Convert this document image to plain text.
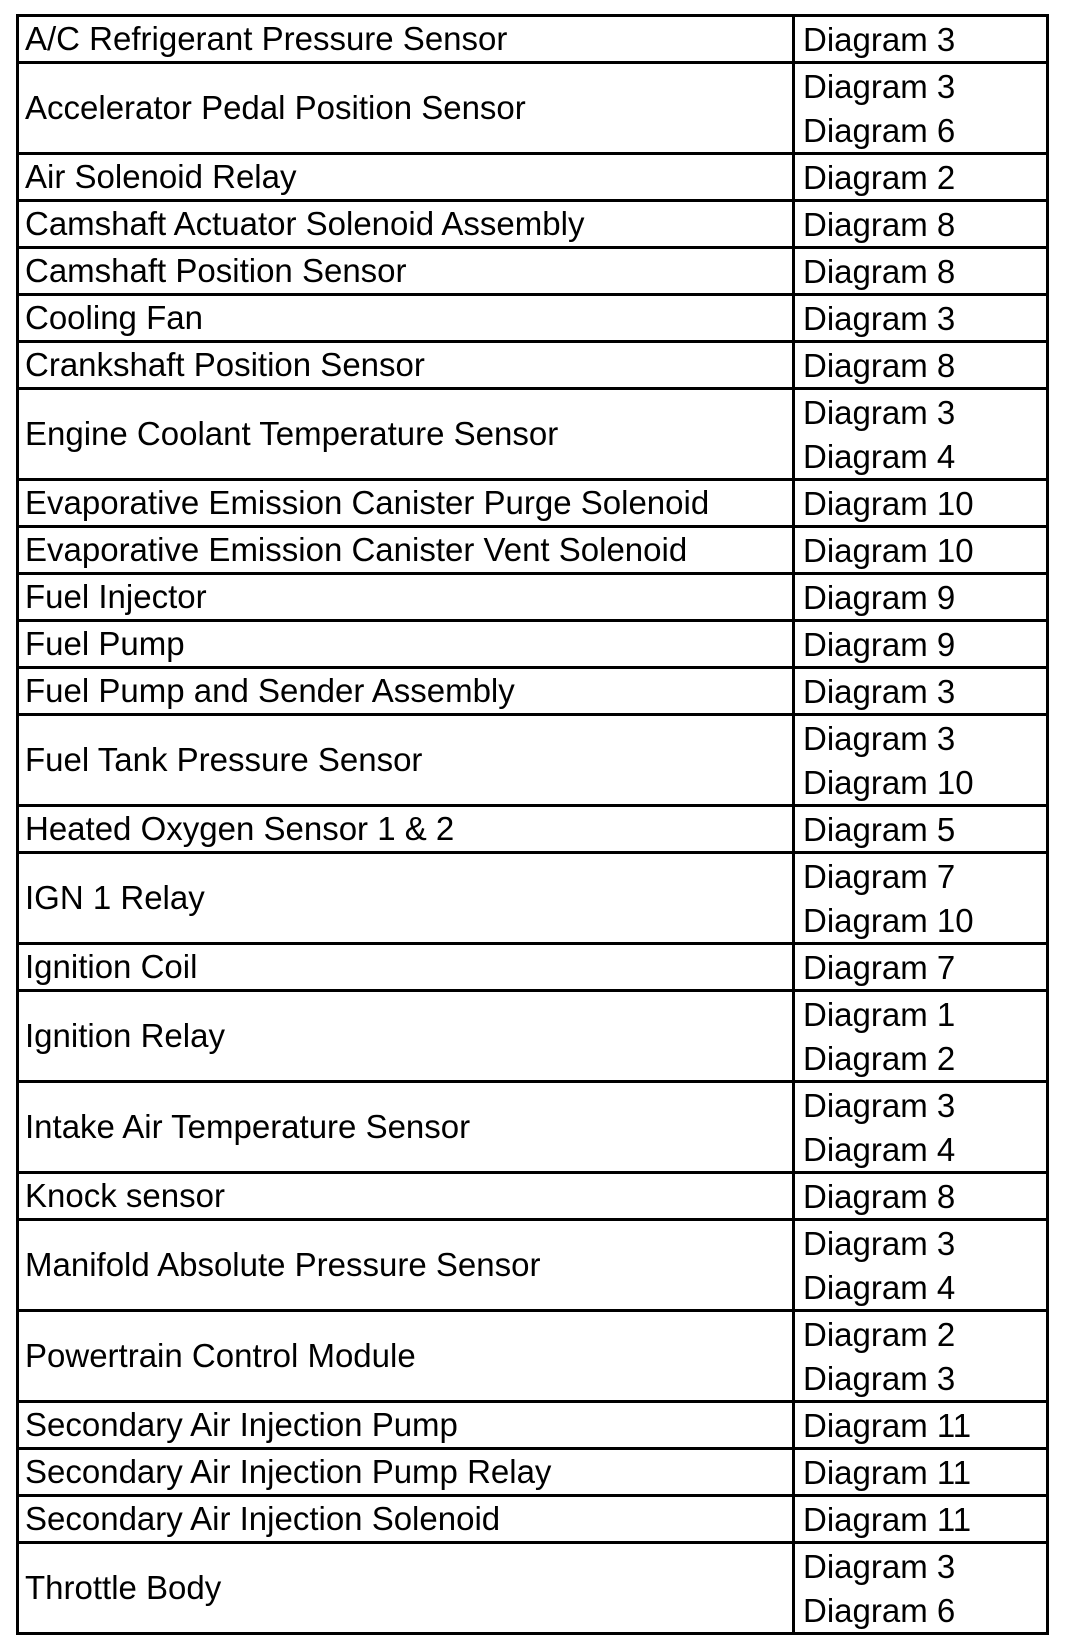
A/C Refrigerant Pressure Sensor	Diagram 3

Accelerator Pedal Position Sensor	Diagram 3
Diagram 6

Air Solenoid Relay	Diagram 2

Camshaft Actuator Solenoid Assembly	Diagram 8

Camshaft Position Sensor	Diagram 8

Cooling Fan	Diagram 3

Crankshaft Position Sensor	Diagram 8

Engine Coolant Temperature Sensor	Diagram 3
Diagram 4

Evaporative Emission Canister Purge Solenoid	Diagram 10

Evaporative Emission Canister Vent Solenoid	Diagram 10

Fuel Injector	Diagram 9

Fuel Pump	Diagram 9

Fuel Pump and Sender Assembly	Diagram 3

Fuel Tank Pressure Sensor	Diagram 3
Diagram 10

Heated Oxygen Sensor 1 & 2	Diagram 5

IGN 1 Relay	Diagram 7
Diagram 10

Ignition Coil	Diagram 7

Ignition Relay	Diagram 1
Diagram 2

Intake Air Temperature Sensor	Diagram 3
Diagram 4

Knock sensor	Diagram 8

Manifold Absolute Pressure Sensor	Diagram 3
Diagram 4

Powertrain Control Module	Diagram 2
Diagram 3

Secondary Air Injection Pump	Diagram 11

Secondary Air Injection Pump Relay	Diagram 11

Secondary Air Injection Solenoid	Diagram 11

Throttle Body	Diagram 3
Diagram 6
